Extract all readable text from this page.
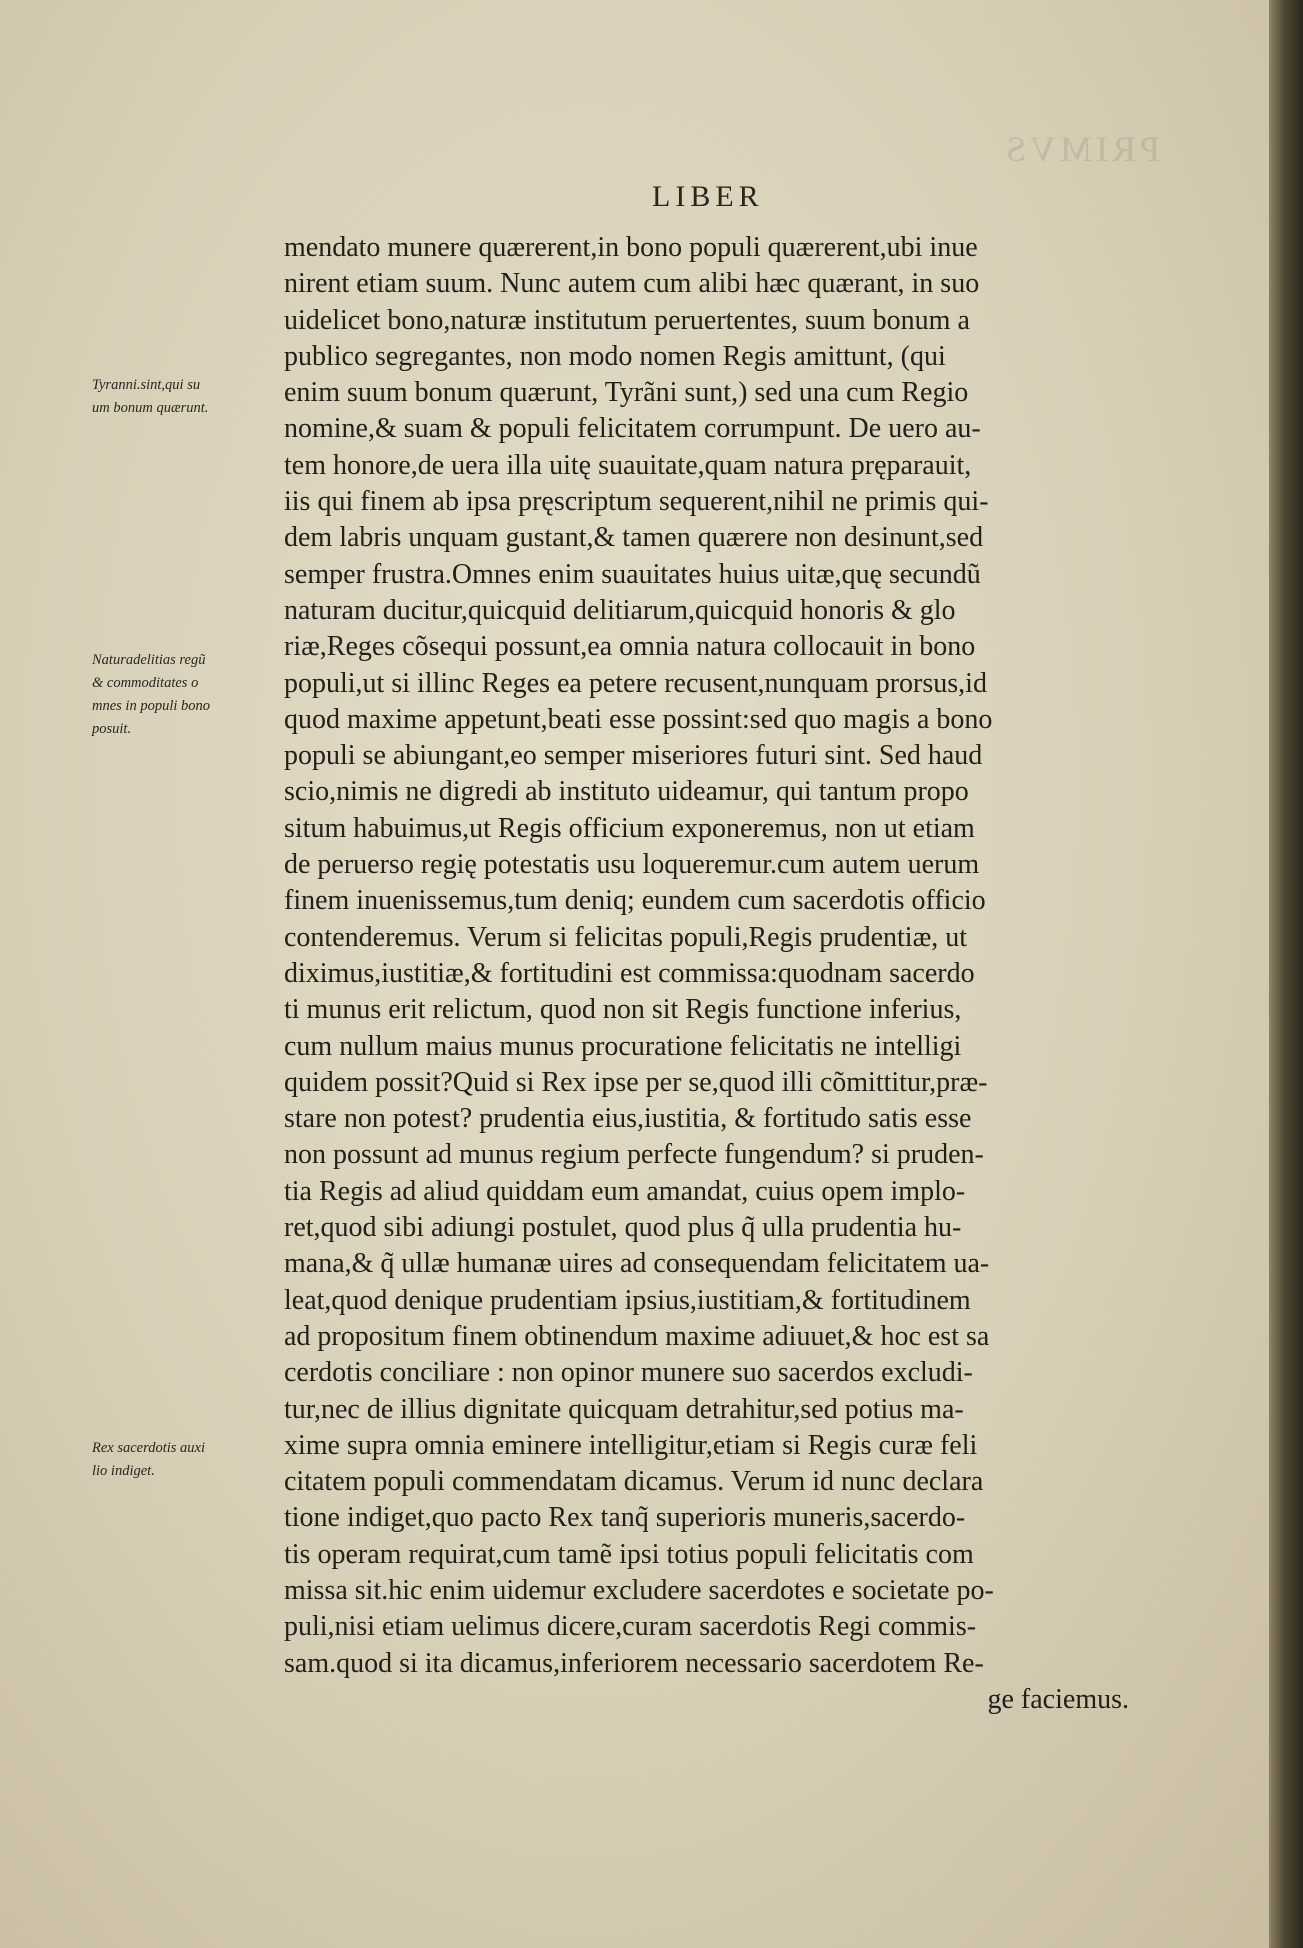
PRIMVS
LIBER
Tyranni.sint,qui su
um bonum quærunt.
Naturadelitias regũ
& commoditates o
mnes in populi bono
posuit.
Rex sacerdotis auxi
lio indiget.
mendato munere quærerent,in bono populi quærerent,ubi inue
nirent etiam suum. Nunc autem cum alibi hæc quærant, in suo
uidelicet bono,naturæ institutum peruertentes, suum bonum a
publico segregantes, non modo nomen Regis amittunt, (qui
enim suum bonum quærunt, Tyrãni sunt,) sed una cum Regio
nomine,& suam & populi felicitatem corrumpunt. De uero au-
tem honore,de uera illa uitę suauitate,quam natura pręparauit,
iis qui finem ab ipsa pręscriptum sequerent,nihil ne primis qui-
dem labris unquam gustant,& tamen quærere non desinunt,sed
semper frustra.Omnes enim suauitates huius uitæ,quę secundũ
naturam ducitur,quicquid delitiarum,quicquid honoris & glo
riæ,Reges cõsequi possunt,ea omnia natura collocauit in bono
populi,ut si illinc Reges ea petere recusent,nunquam prorsus,id
quod maxime appetunt,beati esse possint:sed quo magis a bono
populi se abiungant,eo semper miseriores futuri sint. Sed haud
scio,nimis ne digredi ab instituto uideamur, qui tantum propo
situm habuimus,ut Regis officium exponeremus, non ut etiam
de peruerso regię potestatis usu loqueremur.cum autem uerum
finem inuenissemus,tum deniq; eundem cum sacerdotis officio
contenderemus. Verum si felicitas populi,Regis prudentiæ, ut
diximus,iustitiæ,& fortitudini est commissa:quodnam sacerdo
ti munus erit relictum, quod non sit Regis functione inferius,
cum nullum maius munus procuratione felicitatis ne intelligi
quidem possit?Quid si Rex ipse per se,quod illi cõmittitur,præ-
stare non potest? prudentia eius,iustitia, & fortitudo satis esse
non possunt ad munus regium perfecte fungendum? si pruden-
tia Regis ad aliud quiddam eum amandat, cuius opem implo-
ret,quod sibi adiungi postulet, quod plus q̃ ulla prudentia hu-
mana,& q̃ ullæ humanæ uires ad consequendam felicitatem ua-
leat,quod denique prudentiam ipsius,iustitiam,& fortitudinem
ad propositum finem obtinendum maxime adiuuet,& hoc est sa
cerdotis conciliare : non opinor munere suo sacerdos excludi-
tur,nec de illius dignitate quicquam detrahitur,sed potius ma-
xime supra omnia eminere intelligitur,etiam si Regis curæ feli
citatem populi commendatam dicamus. Verum id nunc declara
tione indiget,quo pacto Rex tanq̃ superioris muneris,sacerdo-
tis operam requirat,cum tamẽ ipsi totius populi felicitatis com
missa sit.hic enim uidemur excludere sacerdotes e societate po-
puli,nisi etiam uelimus dicere,curam sacerdotis Regi commis-
sam.quod si ita dicamus,inferiorem necessario sacerdotem Re-
ge faciemus.
